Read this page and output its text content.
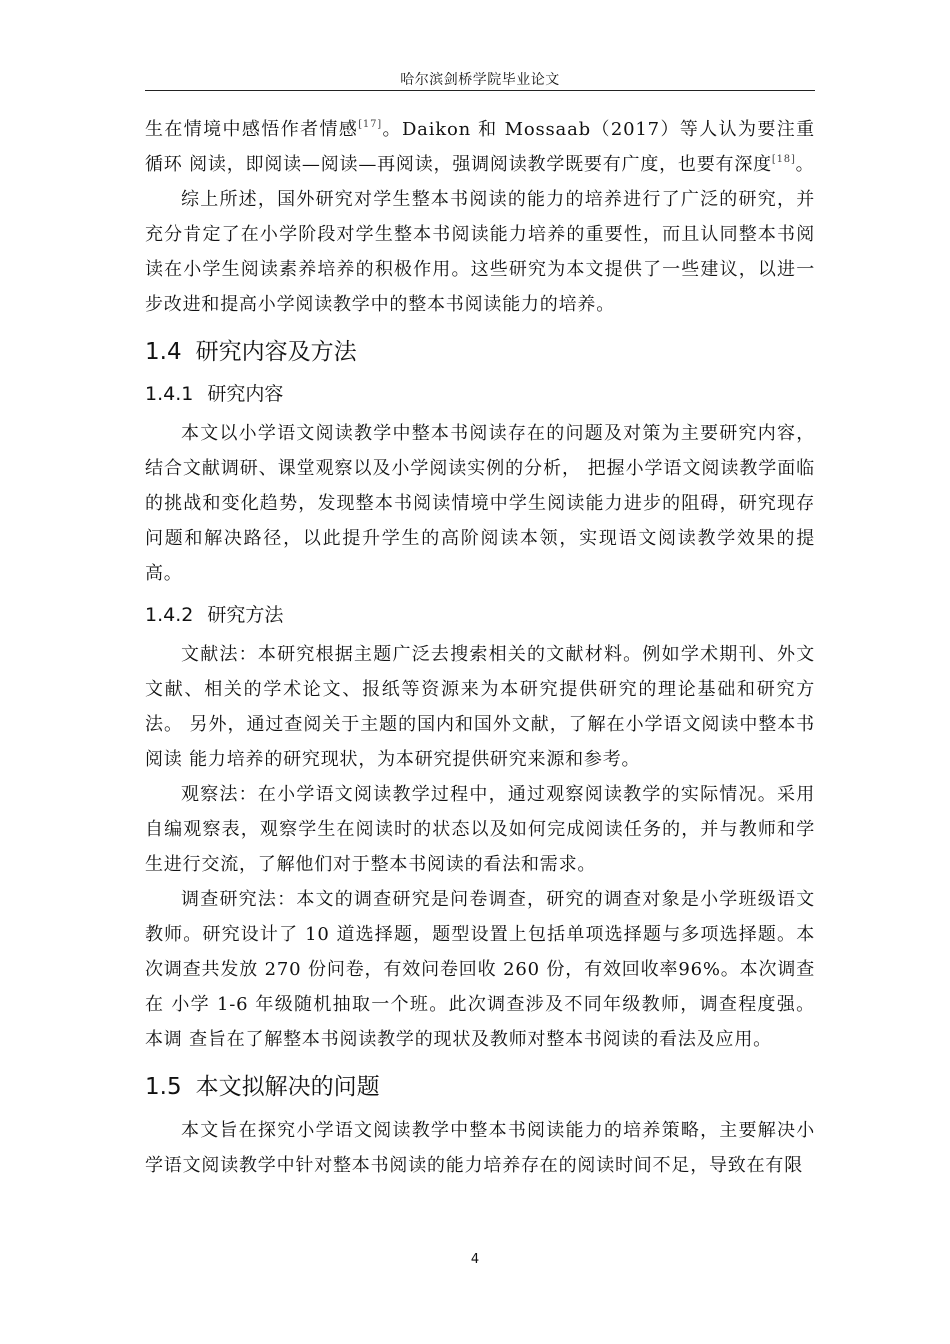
哈尔滨剑桥学院毕业论文

生在情境中感悟作者情感[17]。Daikon 和 Mossaab（2017）等人认为要注重循环 阅读，即阅读—阅读—再阅读，强调阅读教学既要有广度，也要有深度[18]。

综上所述，国外研究对学生整本书阅读的能力的培养进行了广泛的研究，并 充分肯定了在小学阶段对学生整本书阅读能力培养的重要性，而且认同整本书阅 读在小学生阅读素养培养的积极作用。这些研究为本文提供了一些建议，以进一 步改进和提高小学阅读教学中的整本书阅读能力的培养。

1.4 研究内容及方法
1.4.1 研究内容

本文以小学语文阅读教学中整本书阅读存在的问题及对策为主要研究内容，结合文献调研、课堂观察以及小学阅读实例的分析， 把握小学语文阅读教学面临的挑战和变化趋势，发现整本书阅读情境中学生阅读能力进步的阻碍，研究现存问题和解决路径，以此提升学生的高阶阅读本领，实现语文阅读教学效果的提高。

1.4.2 研究方法

文献法：本研究根据主题广泛去搜索相关的文献材料。例如学术期刊、外文文献、相关的学术论文、报纸等资源来为本研究提供研究的理论基础和研究方法。 另外，通过查阅关于主题的国内和国外文献，了解在小学语文阅读中整本书阅读 能力培养的研究现状，为本研究提供研究来源和参考。

观察法：在小学语文阅读教学过程中，通过观察阅读教学的实际情况。采用自编观察表，观察学生在阅读时的状态以及如何完成阅读任务的，并与教师和学 生进行交流，了解他们对于整本书阅读的看法和需求。

调查研究法：本文的调查研究是问卷调查，研究的调查对象是小学班级语文教师。研究设计了 10 道选择题，题型设置上包括单项选择题与多项选择题。本 次调查共发放 270 份问卷，有效问卷回收 260 份，有效回收率96%。本次调查在 小学 1-6 年级随机抽取一个班。此次调查涉及不同年级教师，调查程度强。本调 查旨在了解整本书阅读教学的现状及教师对整本书阅读的看法及应用。

1.5 本文拟解决的问题

本文旨在探究小学语文阅读教学中整本书阅读能力的培养策略，主要解决小 学语文阅读教学中针对整本书阅读的能力培养存在的阅读时间不足，导致在有限

4
